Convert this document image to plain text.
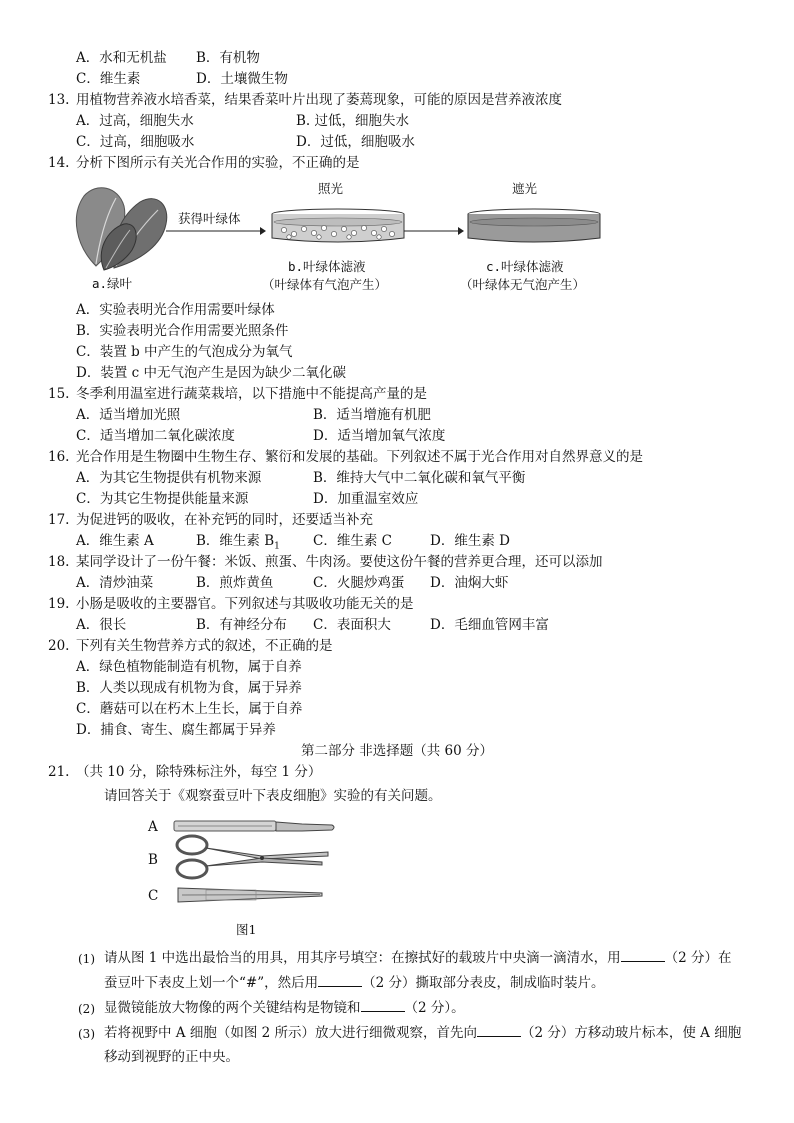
A．水和无机盐 B．有机物
C．维生素	D．土壤微生物
13. 用植物营养液水培香菜，结果香菜叶片出现了萎蔫现象，可能的原因是营养液浓度
A．过高，细胞失水	B. 过低，细胞失水
C．过高，细胞吸水	D．过低，细胞吸水
14. 分析下图所示有关光合作用的实验，不正确的是
a.绿叶
获得叶绿体
照光
b.叶绿体滤液
（叶绿体有气泡产生）
遮光
c.叶绿体滤液
（叶绿体无气泡产生）
A．实验表明光合作用需要叶绿体
B．实验表明光合作用需要光照条件
C．装置 b 中产生的气泡成分为氧气
D．装置 c 中无气泡产生是因为缺少二氧化碳
15. 冬季利用温室进行蔬菜栽培，以下措施中不能提高产量的是
A．适当增加光照	B．适当增施有机肥
C．适当增加二氧化碳浓度	D．适当增加氧气浓度
16. 光合作用是生物圈中生物生存、繁衍和发展的基础。下列叙述不属于光合作用对自然界意义的是
A．为其它生物提供有机物来源	B．维持大气中二氧化碳和氧气平衡
C．为其它生物提供能量来源	D．加重温室效应
17. 为促进钙的吸收，在补充钙的同时，还要适当补充
A．维生素 A	B．维生素 $B_1$ C．维生素 C	D．维生素 D
18. 某同学设计了一份午餐：米饭、煎蛋、牛肉汤。要使这份午餐的营养更合理，还可以添加
A．清炒油菜	B．煎炸黄鱼	C．火腿炒鸡蛋 D．油焖大虾
19. 小肠是吸收的主要器官。下列叙述与其吸收功能无关的是
A．很长	B．有神经分布 C．表面积大	D．毛细血管网丰富
20. 下列有关生物营养方式的叙述，不正确的是
A．绿色植物能制造有机物，属于自养
B．人类以现成有机物为食，属于异养
C．蘑菇可以在朽木上生长，属于自养
D．捕食、寄生、腐生都属于异养
第二部分 非选择题（共 60 分）
21. （共 10 分，除特殊标注外，每空 1 分）
请回答关于《观察蚕豆叶下表皮细胞》实验的有关问题。
A
B
C
图1
(1) 请从图 1 中选出最恰当的用具，用其序号填空：在擦拭好的载玻片中央滴一滴清水，用	（2 分）在
蚕豆叶下表皮上划一个“#”，然后用	（2 分）撕取部分表皮，制成临时装片。
(2) 显微镜能放大物像的两个关键结构是物镜和	（2 分）。
(3) 若将视野中 A 细胞（如图 2 所示）放大进行细微观察，首先向	（2 分）方移动玻片标本，使 A 细胞
移动到视野的正中央。
